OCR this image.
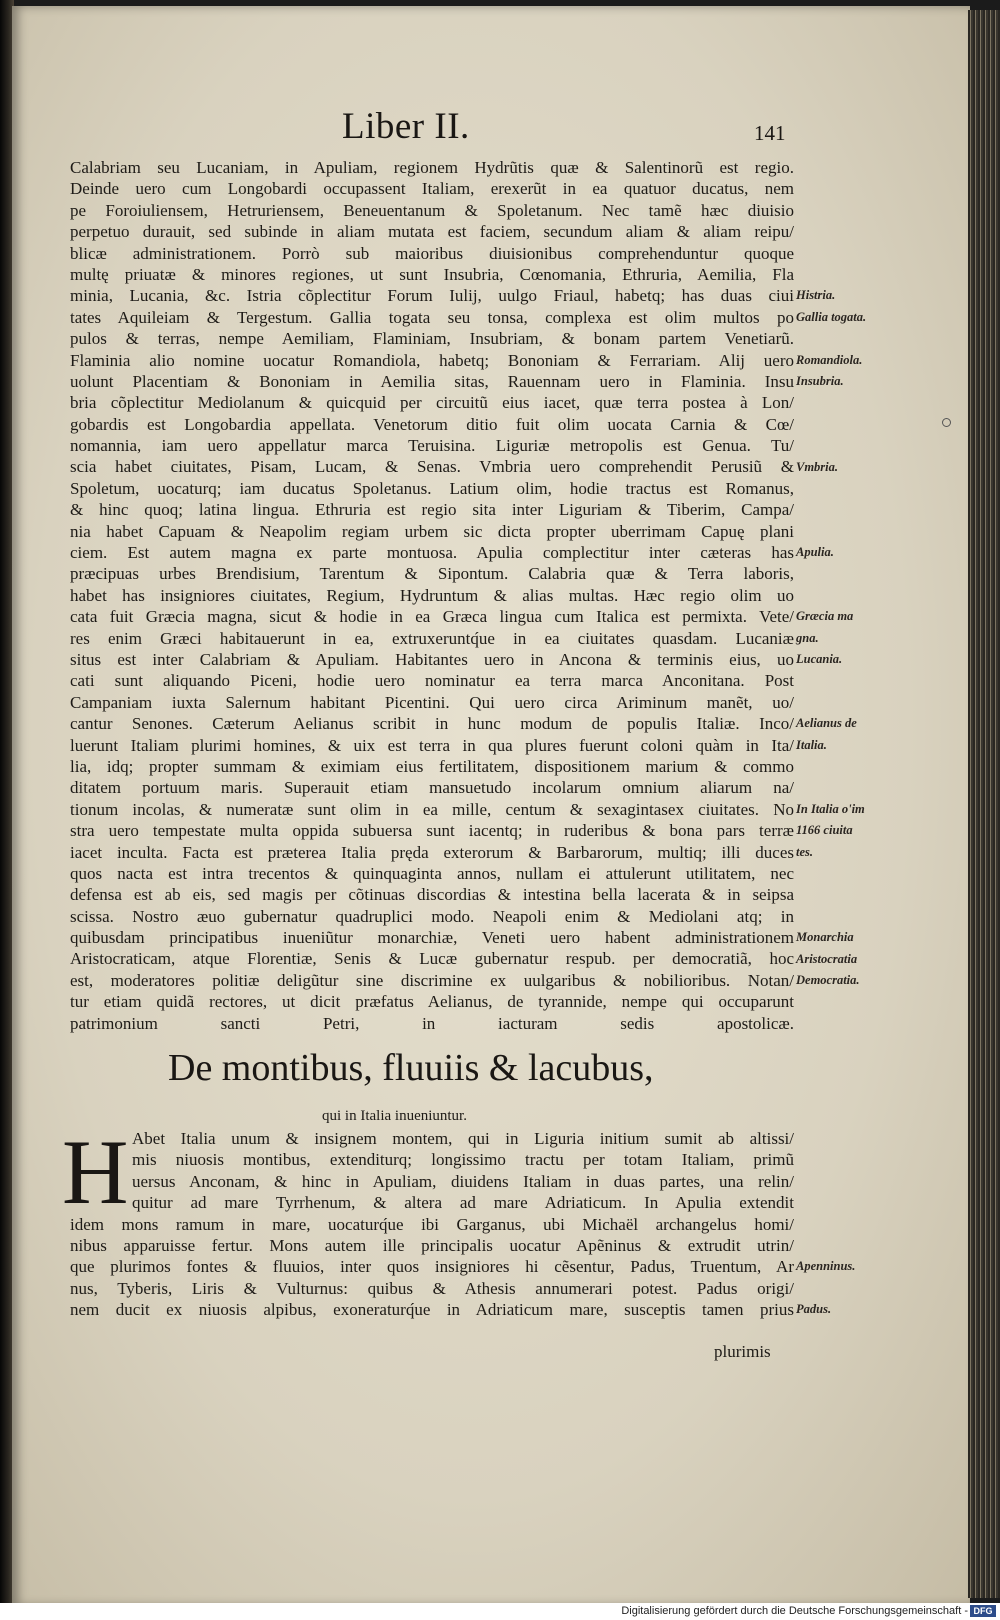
Liber II.	141
Calabriam seu Lucaniam, in Apuliam, regionem Hydrũtis quæ & Salentinorũ est regio.
Deinde uero cum Longobardi occupassent Italiam, erexerũt in ea quatuor ducatus, nem
pe Foroiuliensem, Hetruriensem, Beneuentanum & Spoletanum. Nec tamẽ hæc diuisio
perpetuo durauit, sed subinde in aliam mutata est faciem, secundum aliam & aliam reipu/
blicæ administrationem. Porrò sub maioribus diuisionibus comprehenduntur quoque
multę priuatæ & minores regiones, ut sunt Insubria, Cœnomania, Ethruria, Aemilia, Fla
minia, Lucania, &c. Istria cõplectitur Forum Iulij, uulgo Friaul, habetq; has duas ciui
tates Aquileiam & Tergestum. Gallia togata seu tonsa, complexa est olim multos po
pulos & terras, nempe Aemiliam, Flaminiam, Insubriam, & bonam partem Venetiarũ.
Flaminia alio nomine uocatur Romandiola, habetq; Bononiam & Ferrariam. Alij uero
uolunt Placentiam & Bononiam in Aemilia sitas, Rauennam uero in Flaminia. Insu
bria cõplectitur Mediolanum & quicquid per circuitũ eius iacet, quæ terra postea à Lon/
gobardis est Longobardia appellata. Venetorum ditio fuit olim uocata Carnia & Cœ/
nomannia, iam uero appellatur marca Teruisina. Liguriæ metropolis est Genua. Tu/
scia habet ciuitates, Pisam, Lucam, & Senas. Vmbria uero comprehendit Perusiũ &
Spoletum, uocaturq; iam ducatus Spoletanus. Latium olim, hodie tractus est Romanus,
& hinc quoq; latina lingua. Ethruria est regio sita inter Liguriam & Tiberim, Campa/
nia habet Capuam & Neapolim regiam urbem sic dicta propter uberrimam Capuę plani
ciem. Est autem magna ex parte montuosa. Apulia complectitur inter cæteras has
præcipuas urbes Brendisium, Tarentum & Sipontum. Calabria quæ & Terra laboris,
habet has insigniores ciuitates, Regium, Hydruntum & alias multas. Hæc regio olim uo
cata fuit Græcia magna, sicut & hodie in ea Græca lingua cum Italica est permixta. Vete/
res enim Græci habitauerunt in ea, extruxeruntq́ue in ea ciuitates quasdam. Lucaniæ
situs est inter Calabriam & Apuliam. Habitantes uero in Ancona & terminis eius, uo
cati sunt aliquando Piceni, hodie uero nominatur ea terra marca Anconitana. Post
Campaniam iuxta Salernum habitant Picentini. Qui uero circa Ariminum manẽt, uo/
cantur Senones. Cæterum Aelianus scribit in hunc modum de populis Italiæ. Inco/
luerunt Italiam plurimi homines, & uix est terra in qua plures fuerunt coloni quàm in Ita/
lia, idq; propter summam & eximiam eius fertilitatem, dispositionem marium & commo
ditatem portuum maris. Superauit etiam mansuetudo incolarum omnium aliarum na/
tionum incolas, & numeratæ sunt olim in ea mille, centum & sexagintasex ciuitates. No
stra uero tempestate multa oppida subuersa sunt iacentq; in ruderibus & bona pars terræ
iacet inculta. Facta est præterea Italia pręda exterorum & Barbarorum, multiq; illi duces
quos nacta est intra trecentos & quinquaginta annos, nullam ei attulerunt utilitatem, nec
defensa est ab eis, sed magis per cõtinuas discordias & intestina bella lacerata & in seipsa
scissa. Nostro æuo gubernatur quadruplici modo. Neapoli enim & Mediolani atq; in
quibusdam principatibus inueniũtur monarchiæ, Veneti uero habent administrationem
Aristocraticam, atque Florentiæ, Senis & Lucæ gubernatur respub. per democratiã, hoc
est, moderatores politiæ deligũtur sine discrimine ex uulgaribus & nobilioribus. Notan/
tur etiam quidã rectores, ut dicit præfatus Aelianus, de tyrannide, nempe qui occuparunt
patrimonium sancti Petri, in iacturam sedis apostolicæ.
Histria.
Gallia togata.
Romandiola.
Insubria.
Vmbria.
Apulia.
Græcia ma
gna.
Lucania.
Aelianus de
Italia.
In Italia o'im
1166 ciuita
tes.
Monarchia
Aristocratia
Democratia.
Apenninus.
Padus.
De montibus, fluuiis & lacubus,
qui in Italia inueniuntur.
H Abet Italia unum & insignem montem, qui in Liguria initium sumit ab altissi/
mis niuosis montibus, extenditurq; longissimo tractu per totam Italiam, primũ
uersus Anconam, & hinc in Apuliam, diuidens Italiam in duas partes, una relin/
quitur ad mare Tyrrhenum, & altera ad mare Adriaticum. In Apulia extendit
idem mons ramum in mare, uocaturq́ue ibi Garganus, ubi Michaël archangelus homi/
nibus apparuisse fertur. Mons autem ille principalis uocatur Apẽninus & extrudit utrin/
que plurimos fontes & fluuios, inter quos insigniores hi cẽsentur, Padus, Truentum, Ar
nus, Tyberis, Liris & Vulturnus: quibus & Athesis annumerari potest. Padus origi/
nem ducit ex niuosis alpibus, exoneraturq́ue in Adriaticum mare, susceptis tamen prius
plurimis
Digitalisierung gefördert durch die Deutsche Forschungsgemeinschaft - DFG
